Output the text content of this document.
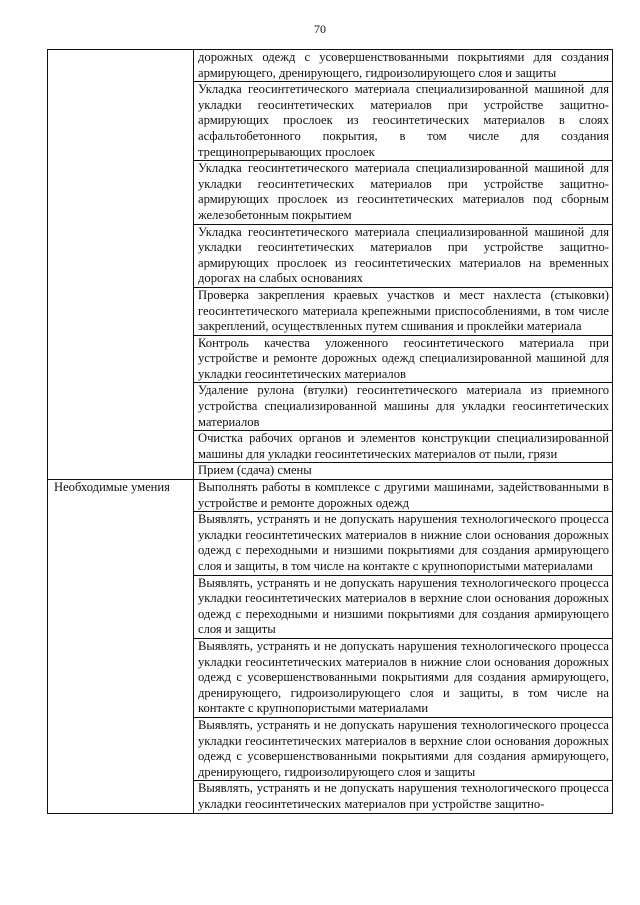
70
	дорожных одежд с усовершенствованными покрытиями для создания армирующего, дренирующего, гидроизолирующего слоя и защиты
	Укладка геосинтетического материала специализированной машиной для укладки геосинтетических материалов при устройстве защитно-армирующих прослоек из геосинтетических материалов в слоях асфальтобетонного покрытия, в том числе для создания трещинопрерывающих прослоек
	Укладка геосинтетического материала специализированной машиной для укладки геосинтетических материалов при устройстве защитно-армирующих прослоек из геосинтетических материалов под сборным железобетонным покрытием
	Укладка геосинтетического материала специализированной машиной для укладки геосинтетических материалов при устройстве защитно-армирующих прослоек из геосинтетических материалов на временных дорогах на слабых основаниях
	Проверка закрепления краевых участков и мест нахлеста (стыковки) геосинтетического материала крепежными приспособлениями, в том числе закреплений, осуществленных путем сшивания и проклейки материала
	Контроль качества уложенного геосинтетического материала при устройстве и ремонте дорожных одежд специализированной машиной для укладки геосинтетических материалов
	Удаление рулона (втулки) геосинтетического материала из приемного устройства специализированной машины для укладки геосинтетических материалов
	Очистка рабочих органов и элементов конструкции специализированной машины для укладки геосинтетических материалов от пыли, грязи
	Прием (сдача) смены
Необходимые умения	Выполнять работы в комплексе с другими машинами, задействованными в устройстве и ремонте дорожных одежд
	Выявлять, устранять и не допускать нарушения технологического процесса укладки геосинтетических материалов в нижние слои основания дорожных одежд с переходными и низшими покрытиями для создания армирующего слоя и защиты, в том числе на контакте с крупнопористыми материалами
	Выявлять, устранять и не допускать нарушения технологического процесса укладки геосинтетических материалов в верхние слои основания дорожных одежд с переходными и низшими покрытиями для создания армирующего слоя и защиты
	Выявлять, устранять и не допускать нарушения технологического процесса укладки геосинтетических материалов в нижние слои основания дорожных одежд с усовершенствованными покрытиями для создания армирующего, дренирующего, гидроизолирующего слоя и защиты, в том числе на контакте с крупнопористыми материалами
	Выявлять, устранять и не допускать нарушения технологического процесса укладки геосинтетических материалов в верхние слои основания дорожных одежд с усовершенствованными покрытиями для создания армирующего, дренирующего, гидроизолирующего слоя и защиты
	Выявлять, устранять и не допускать нарушения технологического процесса укладки геосинтетических материалов при устройстве защитно-
